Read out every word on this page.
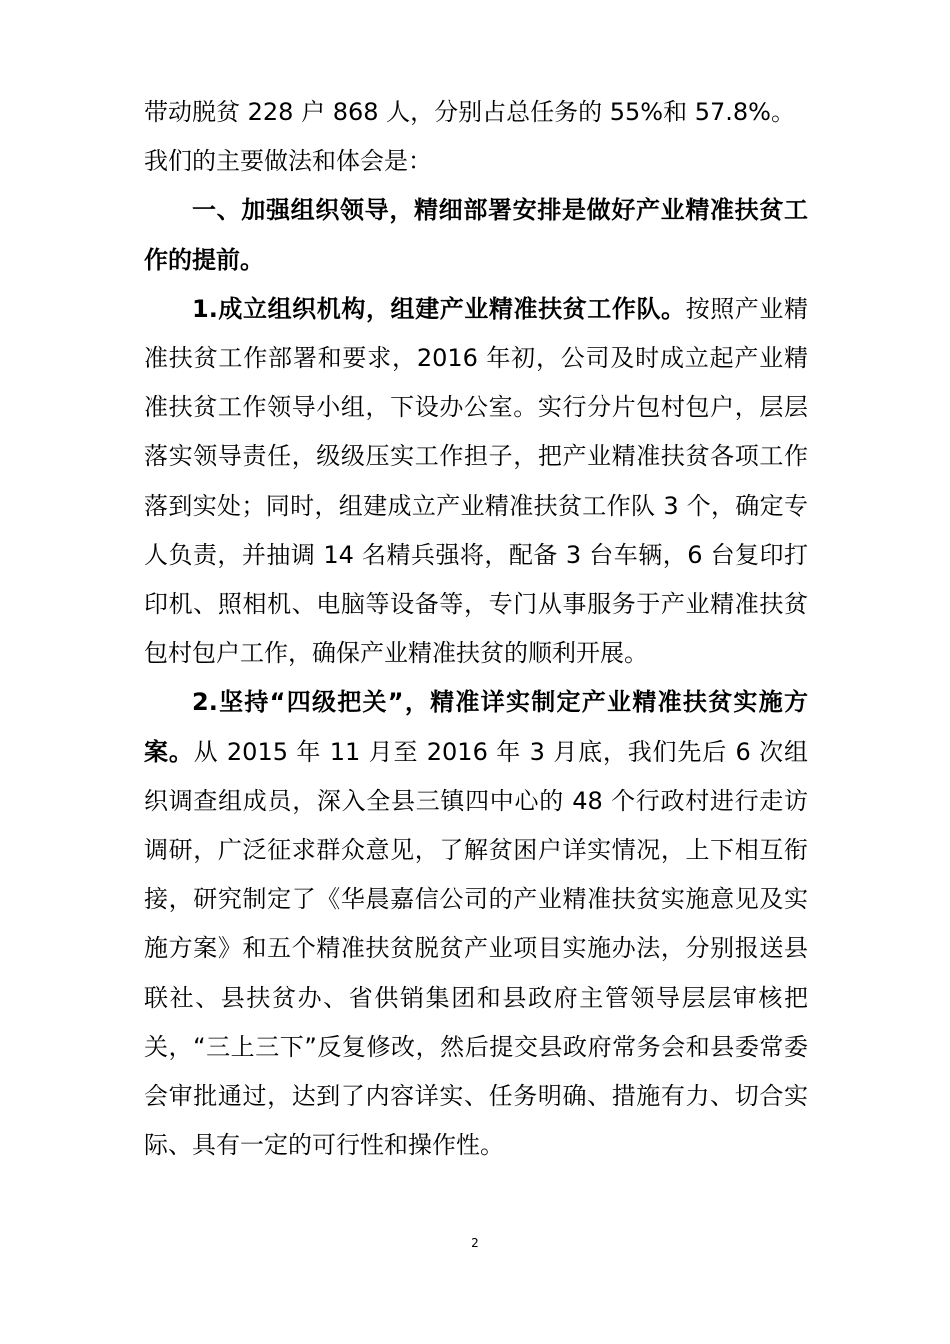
带动脱贫 228 户 868 人，分别占总任务的 55%和 57.8%。

我们的主要做法和体会是：

一、加强组织领导，精细部署安排是做好产业精准扶贫工作的提前。

1.成立组织机构，组建产业精准扶贫工作队。按照产业精准扶贫工作部署和要求，2016 年初，公司及时成立起产业精准扶贫工作领导小组，下设办公室。实行分片包村包户，层层落实领导责任，级级压实工作担子，把产业精准扶贫各项工作落到实处；同时，组建成立产业精准扶贫工作队 3 个，确定专人负责，并抽调 14 名精兵强将，配备 3 台车辆，6 台复印打印机、照相机、电脑等设备等，专门从事服务于产业精准扶贫包村包户工作，确保产业精准扶贫的顺利开展。

2.坚持“四级把关”，精准详实制定产业精准扶贫实施方案。从 2015 年 11 月至 2016 年 3 月底，我们先后 6 次组织调查组成员，深入全县三镇四中心的 48 个行政村进行走访调研，广泛征求群众意见，了解贫困户详实情况，上下相互衔接，研究制定了《华晨嘉信公司的产业精准扶贫实施意见及实施方案》和五个精准扶贫脱贫产业项目实施办法，分别报送县联社、县扶贫办、省供销集团和县政府主管领导层层审核把关，“三上三下”反复修改，然后提交县政府常务会和县委常委会审批通过，达到了内容详实、任务明确、措施有力、切合实际、具有一定的可行性和操作性。

2
